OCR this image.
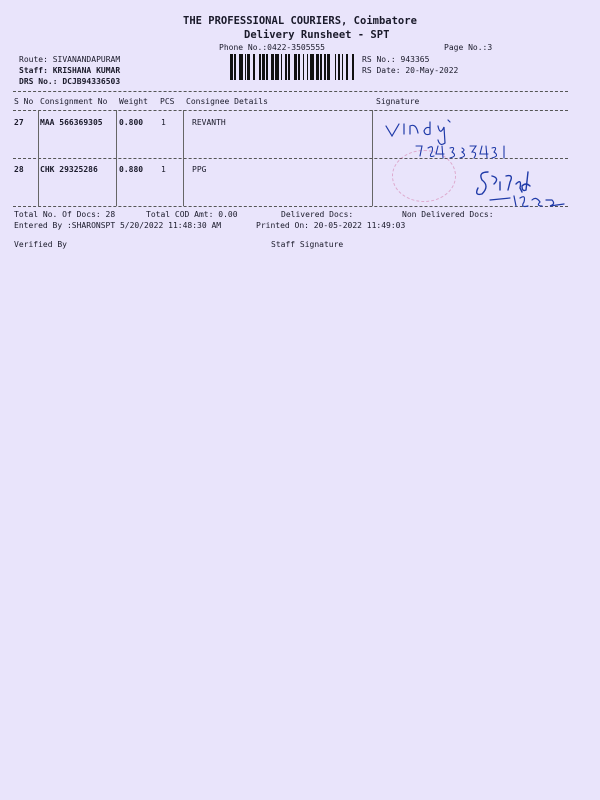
THE PROFESSIONAL COURIERS, Coimbatore
Delivery Runsheet - SPT
Phone No.:0422-3505555	Page No.:3
Route: SIVANANDAPURAM
Staff: KRISHANA KUMAR
DRS No.: DCJB94336503
RS No.: 943365
RS Date: 20-May-2022
S No Consignment No Weight PCS Consignee Details	Signature
27 MAA 566369305 0.800 1	REVANTH
28 CHK 29325286	0.880 1	PPG
Total No. Of Docs: 28	Total COD Amt: 0.00	Delivered Docs:	Non Delivered Docs:
Entered By :SHARONSPT 5/20/2022 11:48:30 AM	Printed On: 20-05-2022 11:49:03
Verified By	Staff Signature
